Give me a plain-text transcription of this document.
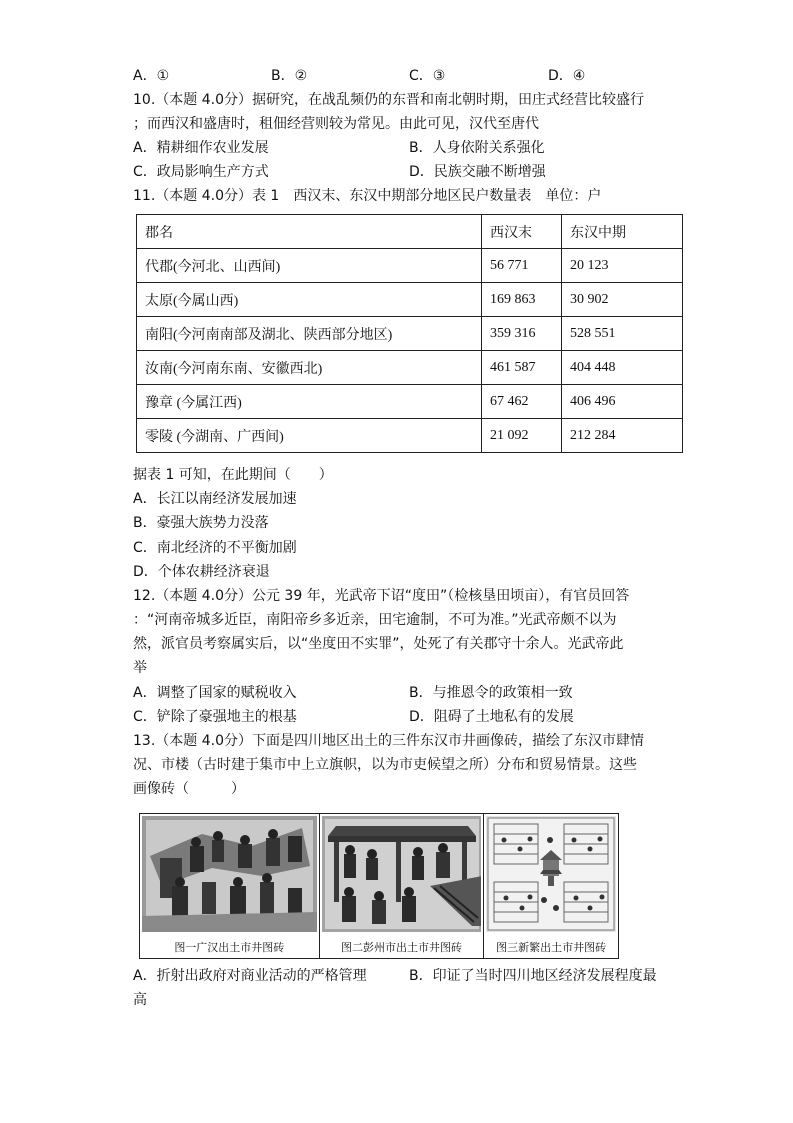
A．①	B．②	C．③	D．④
10.（本题 4.0分）据研究，在战乱频仍的东晋和南北朝时期，田庄式经营比较盛行
；而西汉和盛唐时，租佃经营则较为常见。由此可见，汉代至唐代
A．精耕细作农业发展	B．人身依附关系强化
C．政局影响生产方式	D．民族交融不断增强
11.（本题 4.0分）表 1　西汉末、东汉中期部分地区民户数量表　单位：户
郡名	西汉末	东汉中期
代郡(今河北、山西间)	56 771	20 123
太原(今属山西)	169 863	30 902
南阳(今河南南部及湖北、陕西部分地区)	359 316	528 551
汝南(今河南东南、安徽西北)	461 587	404 448
豫章 (今属江西)	67 462	406 496
零陵 (今湖南、广西间)	21 092	212 284
据表 1 可知，在此期间（　　）
A．长江以南经济发展加速
B．豪强大族势力没落
C．南北经济的不平衡加剧
D．个体农耕经济衰退
12.（本题 4.0分）公元 39 年，光武帝下诏“度田”（检核垦田顷亩），有官员回答
：“河南帝城多近臣，南阳帝乡多近亲，田宅逾制，不可为准。”光武帝颇不以为
然，派官员考察属实后，以“坐度田不实罪”，处死了有关郡守十余人。光武帝此
举
A．调整了国家的赋税收入	B．与推恩令的政策相一致
C．铲除了豪强地主的根基	D．阻碍了土地私有的发展
13.（本题 4.0分）下面是四川地区出土的三件东汉市井画像砖，描绘了东汉市肆情
况、市楼（古时建于集市中上立旗帜，以为市吏候望之所）分布和贸易情景。这些
画像砖（　　　）
图一广汉出土市井图砖	图二彭州市出土市井图砖	图三新繁出土市井图砖
A．折射出政府对商业活动的严格管理	B．印证了当时四川地区经济发展程度最
高
